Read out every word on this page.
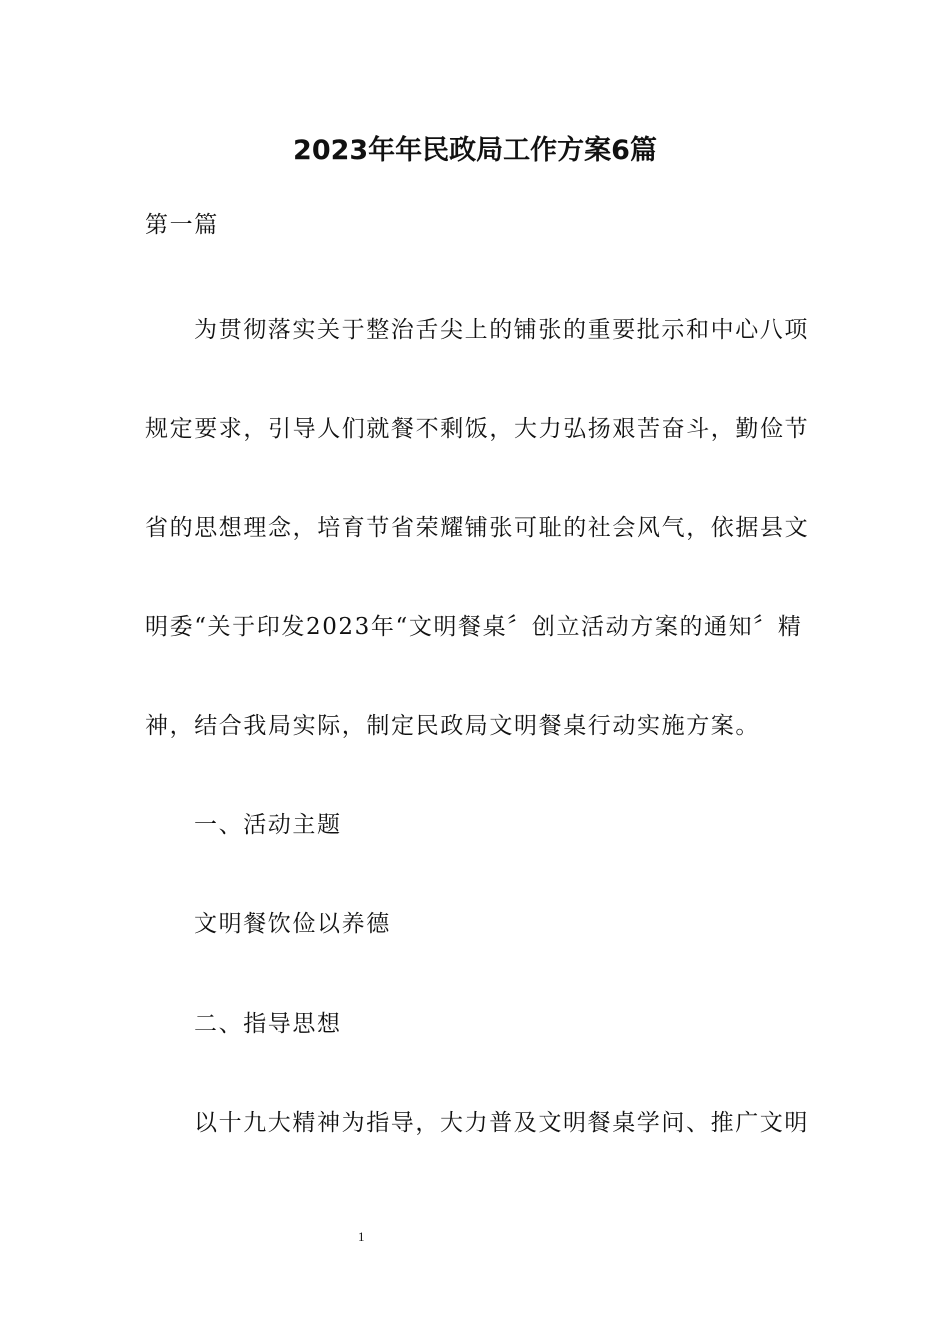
2023年年民政局工作方案6篇
第一篇
为贯彻落实关于整治舌尖上的铺张的重要批示和中心八项
规定要求，引导人们就餐不剩饭，大力弘扬艰苦奋斗，勤俭节
省的思想理念，培育节省荣耀铺张可耻的社会风气，依据县文
明委“关于印发2023年“文明餐桌〞创立活动方案的通知〞精
神，结合我局实际，制定民政局文明餐桌行动实施方案。
一、活动主题
文明餐饮俭以养德
二、指导思想
以十九大精神为指导，大力普及文明餐桌学问、推广文明
1
